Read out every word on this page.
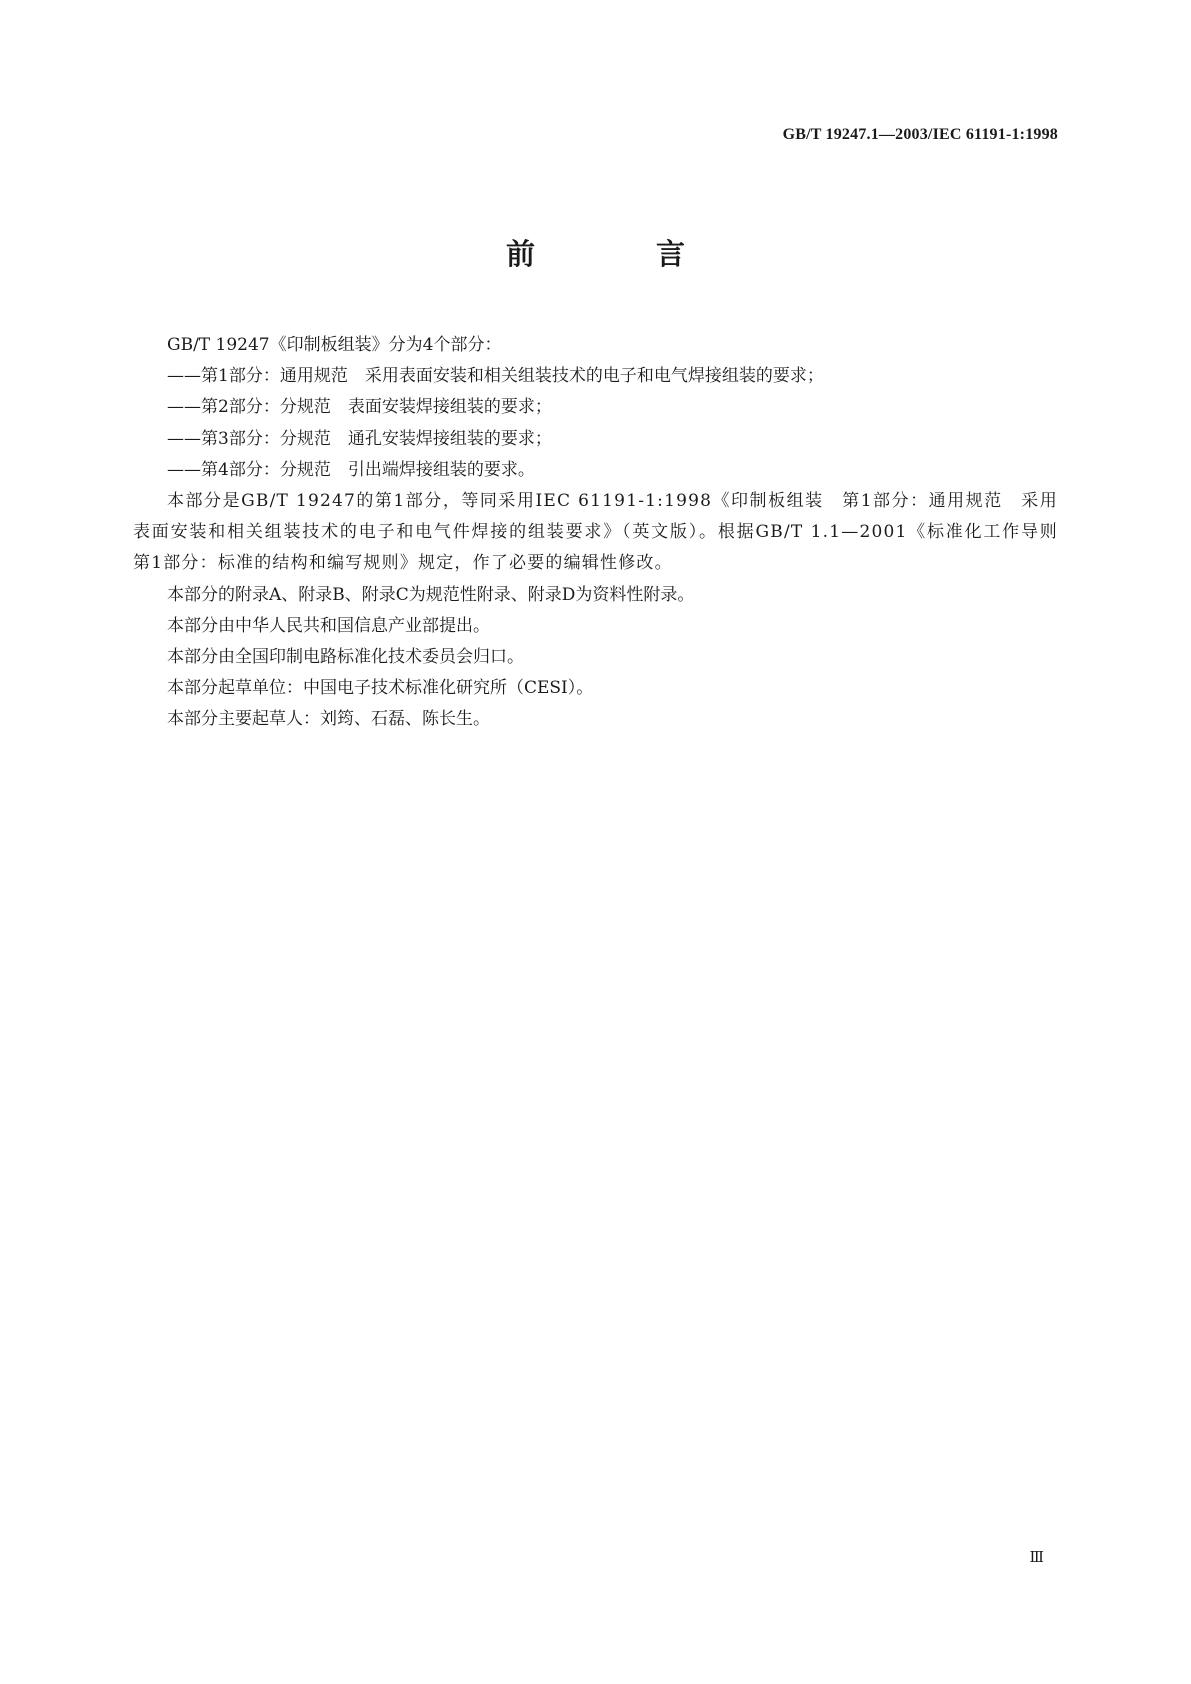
GB/T 19247.1—2003/IEC 61191-1:1998
前　言

GB/T 19247《印制板组装》分为4个部分：

——第1部分：通用规范　采用表面安装和相关组装技术的电子和电气焊接组装的要求；

——第2部分：分规范　表面安装焊接组装的要求；

——第3部分：分规范　通孔安装焊接组装的要求；

——第4部分：分规范　引出端焊接组装的要求。

本部分是GB/T 19247的第1部分，等同采用IEC 61191-1:1998《印制板组装　第1部分：通用规范　采用表面安装和相关组装技术的电子和电气件焊接的组装要求》（英文版）。根据GB/T 1.1—2001《标准化工作导则　第1部分：标准的结构和编写规则》规定，作了必要的编辑性修改。

本部分的附录A、附录B、附录C为规范性附录、附录D为资料性附录。

本部分由中华人民共和国信息产业部提出。

本部分由全国印制电路标准化技术委员会归口。

本部分起草单位：中国电子技术标准化研究所（CESI）。

本部分主要起草人：刘筠、石磊、陈长生。

Ⅲ
